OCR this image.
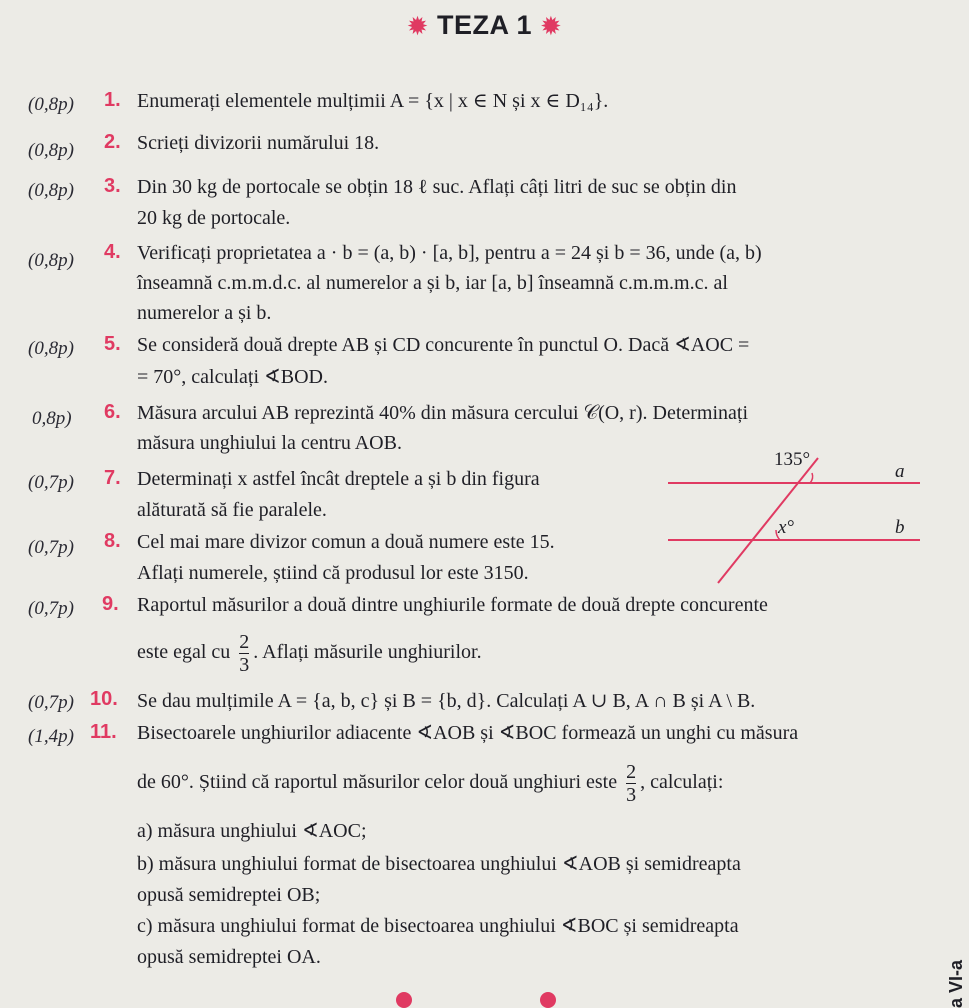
✹ TEZA 1 ✹
(0,8p) 1. Enumerați elementele mulțimii A = {x | x ∈ N și x ∈ D₁₄}.
(0,8p) 2. Scrieți divizorii numărului 18.
(0,8p) 3. Din 30 kg de portocale se obțin 18 ℓ suc. Aflați câți litri de suc se obțin din
20 kg de portocale.
(0,8p) 4. Verificați proprietatea a · b = (a, b) · [a, b], pentru a = 24 și b = 36, unde (a, b)
înseamnă c.m.m.d.c. al numerelor a și b, iar [a, b] înseamnă c.m.m.m.c. al
numerelor a și b.
(0,8p) 5. Se consideră două drepte AB și CD concurente în punctul O. Dacă ∢AOC =
= 70°, calculați ∢BOD.
0,8p) 6. Măsura arcului AB reprezintă 40% din măsura cercului 𝒞(O, r). Determinați
măsura unghiului la centru AOB.
(0,7p) 7. Determinați x astfel încât dreptele a și b din figura
alăturată să fie paralele.
(0,7p) 8. Cel mai mare divizor comun a două numere este 15.
Aflați numerele, știind că produsul lor este 3150.
135°
a
x°	b
(0,7p) 9. Raportul măsurilor a două dintre unghiurile formate de două drepte concurente
este egal cu $\frac{2}{3}$ . Aflați măsurile unghiurilor.
(0,7p) 10. Se dau mulțimile A = {a, b, c} și B = {b, d}. Calculați A ∪ B, A ∩ B și A \ B.
(1,4p) 11. Bisectoarele unghiurilor adiacente ∢AOB și ∢BOC formează un unghi cu măsura
de 60°. Știind că raportul măsurilor celor două unghiuri este $\frac{2}{3}$ , calculați:
a) măsura unghiului ∢AOC;
b) măsura unghiului format de bisectoarea unghiului ∢AOB și semidreapta
opusă semidreptei OB;
c) măsura unghiului format de bisectoarea unghiului ∢BOC și semidreapta
opusă semidreptei OA.
a VI-a
